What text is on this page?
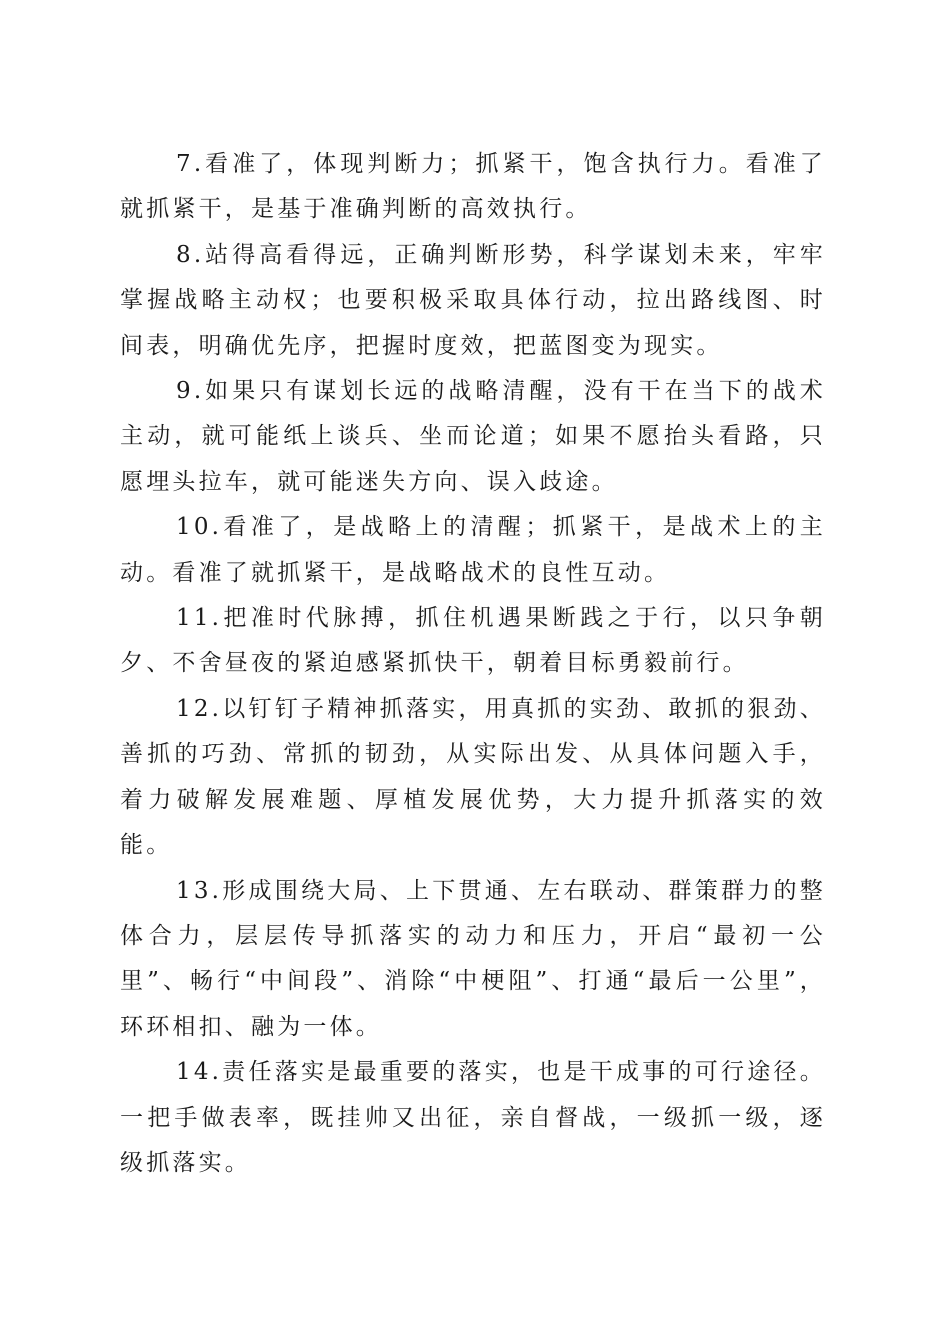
7.看准了，体现判断力；抓紧干，饱含执行力。看准了就抓紧干，是基于准确判断的高效执行。

8.站得高看得远，正确判断形势，科学谋划未来，牢牢掌握战略主动权；也要积极采取具体行动，拉出路线图、时间表，明确优先序，把握时度效，把蓝图变为现实。

9.如果只有谋划长远的战略清醒，没有干在当下的战术主动，就可能纸上谈兵、坐而论道；如果不愿抬头看路，只愿埋头拉车，就可能迷失方向、误入歧途。

10.看准了，是战略上的清醒；抓紧干，是战术上的主动。看准了就抓紧干，是战略战术的良性互动。

11.把准时代脉搏，抓住机遇果断践之于行，以只争朝夕、不舍昼夜的紧迫感紧抓快干，朝着目标勇毅前行。

12.以钉钉子精神抓落实，用真抓的实劲、敢抓的狠劲、善抓的巧劲、常抓的韧劲，从实际出发、从具体问题入手，着力破解发展难题、厚植发展优势，大力提升抓落实的效能。

13.形成围绕大局、上下贯通、左右联动、群策群力的整体合力，层层传导抓落实的动力和压力，开启“最初一公里”、畅行“中间段”、消除“中梗阻”、打通“最后一公里”，环环相扣、融为一体。

14.责任落实是最重要的落实，也是干成事的可行途径。一把手做表率，既挂帅又出征，亲自督战，一级抓一级，逐级抓落实。
